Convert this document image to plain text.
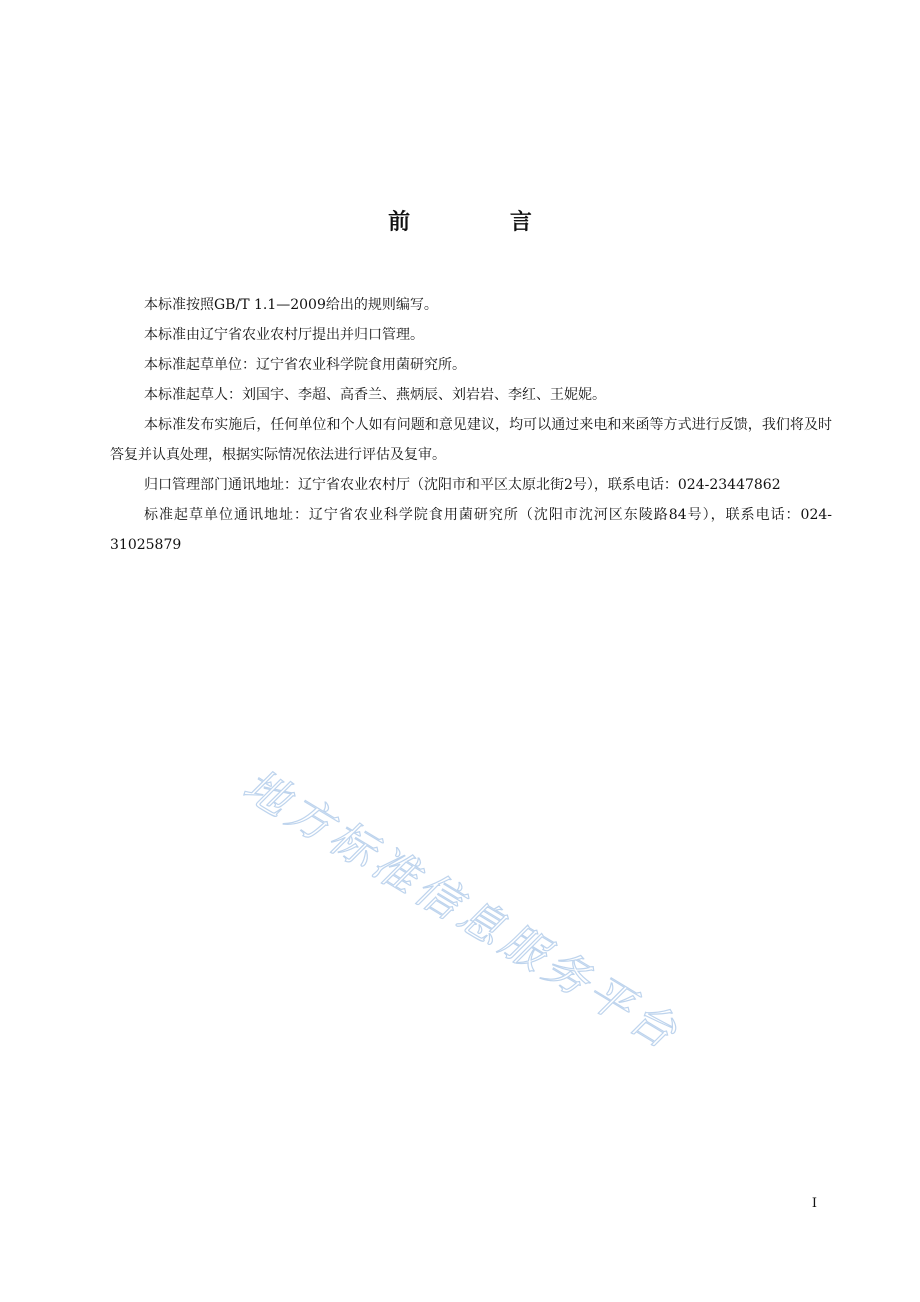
前 言

本标准按照GB/T 1.1—2009给出的规则编写。

本标准由辽宁省农业农村厅提出并归口管理。

本标准起草单位：辽宁省农业科学院食用菌研究所。

本标准起草人：刘国宇、李超、高香兰、燕炳辰、刘岩岩、李红、王妮妮。

本标准发布实施后，任何单位和个人如有问题和意见建议，均可以通过来电和来函等方式进行反馈，我们将及时答复并认真处理，根据实际情况依法进行评估及复审。

归口管理部门通讯地址：辽宁省农业农村厅（沈阳市和平区太原北街2号），联系电话：024-23447862

标准起草单位通讯地址：辽宁省农业科学院食用菌研究所（沈阳市沈河区东陵路84号），联系电话：024-31025879

地方标准信息服务平台
I
